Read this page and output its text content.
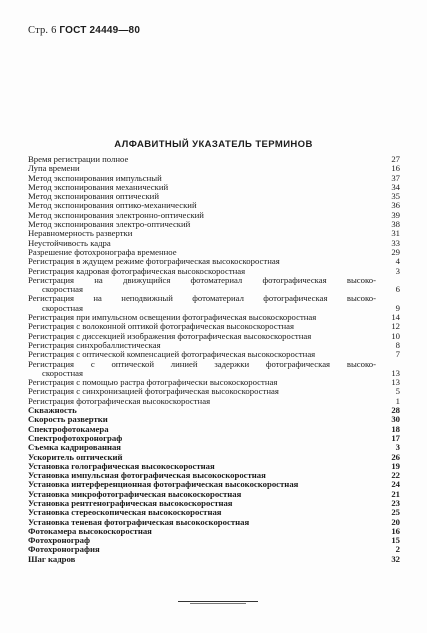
Стр. 6 ГОСТ 24449—80
АЛФАВИТНЫЙ УКАЗАТЕЛЬ ТЕРМИНОВ
Время регистрации полное	27
Лупа времени	16
Метод экспонирования импульсный	37
Метод экспонирования механический	34
Метод экспонирования оптический	35
Метод экспонирования оптико-механический	36
Метод экспонирования электронно-оптический	39
Метод экспонирования электро-оптический	38
Неравномерность развертки	31
Неустойчивость кадра	33
Разрешение фотохронографа временное	29
Регистрация в ждущем режиме фотографическая высокоскоростная	4
Регистрация кадровая фотографическая высокоскоростная	3
Регистрация на движущийся фотоматериал фотографическая высоко-
скоростная	6
Регистрация на неподвижный фотоматериал фотографическая высоко-
скоростная	9
Регистрация при импульсном освещении фотографическая высокоскоростная	14
Регистрация с волоконной оптикой фотографическая высокоскоростная	12
Регистрация с диссекцией изображения фотографическая высокоскоростная	10
Регистрация синхробаллистическая	8
Регистрация с оптической компенсацией фотографическая высокоскоростная	7
Регистрация с оптической линией задержки фотографическая высоко-
скоростная	13
Регистрация с помощью растра фотографически высокоскоростная	13
Регистрация с синхронизацией фотографическая высокоскоростная	5
Регистрация фотографическая высокоскоростная	1
Скважность	28
Скорость развертки	30
Спектрофотокамера	18
Спектрофотохронограф	17
Съемка кадрированная	3
Ускоритель оптический	26
Установка голографическая высокоскоростная	19
Установка импульсная фотографическая высокоскоростная	22
Установка интерференционная фотографическая высокоскоростная	24
Установка микрофотографическая высокоскоростная	21
Установка рентгенографическая высокоскоростная	23
Установка стереоскопическая высокоскоростная	25
Установка теневая фотографическая высокоскоростная	20
Фотокамера высокоскоростная	16
Фотохронограф	15
Фотохронография	2
Шаг кадров	32
